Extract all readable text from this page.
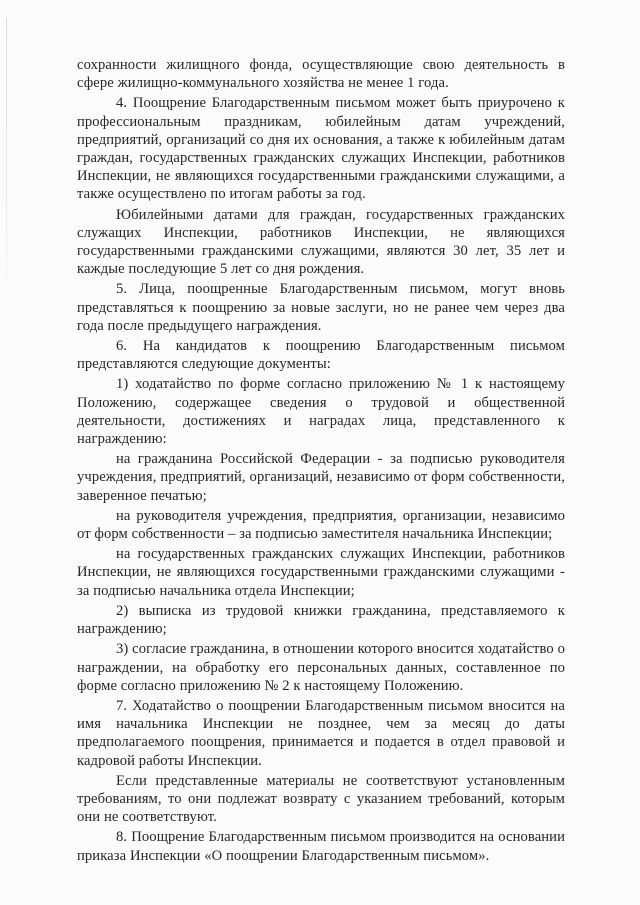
сохранности жилищного фонда, осуществляющие свою деятельность в сфере жилищно-коммунального хозяйства не менее 1 года.

4. Поощрение Благодарственным письмом может быть приурочено к профессиональным праздникам, юбилейным датам учреждений, предприятий, организаций со дня их основания, а также к юбилейным датам граждан, государственных гражданских служащих Инспекции, работников Инспекции, не являющихся государственными гражданскими служащими, а также осуществлено по итогам работы за год.

Юбилейными датами для граждан, государственных гражданских служащих Инспекции, работников Инспекции, не являющихся государственными гражданскими служащими, являются 30 лет, 35 лет и каждые последующие 5 лет со дня рождения.

5. Лица, поощренные Благодарственным письмом, могут вновь представляться к поощрению за новые заслуги, но не ранее чем через два года после предыдущего награждения.

6. На кандидатов к поощрению Благодарственным письмом представляются следующие документы:

1) ходатайство по форме согласно приложению № 1 к настоящему Положению, содержащее сведения о трудовой и общественной деятельности, достижениях и наградах лица, представленного к награждению:

на гражданина Российской Федерации - за подписью руководителя учреждения, предприятий, организаций, независимо от форм собственности, заверенное печатью;

на руководителя учреждения, предприятия, организации, независимо от форм собственности – за подписью заместителя начальника Инспекции;

на государственных гражданских служащих Инспекции, работников Инспекции, не являющихся государственными гражданскими служащими - за подписью начальника отдела Инспекции;

2) выписка из трудовой книжки гражданина, представляемого к награждению;

3) согласие гражданина, в отношении которого вносится ходатайство о награждении, на обработку его персональных данных, составленное по форме согласно приложению № 2 к настоящему Положению.

7. Ходатайство о поощрении Благодарственным письмом вносится на имя начальника Инспекции не позднее, чем за месяц до даты предполагаемого поощрения, принимается и подается в отдел правовой и кадровой работы Инспекции.

Если представленные материалы не соответствуют установленным требованиям, то они подлежат возврату с указанием требований, которым они не соответствуют.

8. Поощрение Благодарственным письмом производится на основании приказа Инспекции «О поощрении Благодарственным письмом».
